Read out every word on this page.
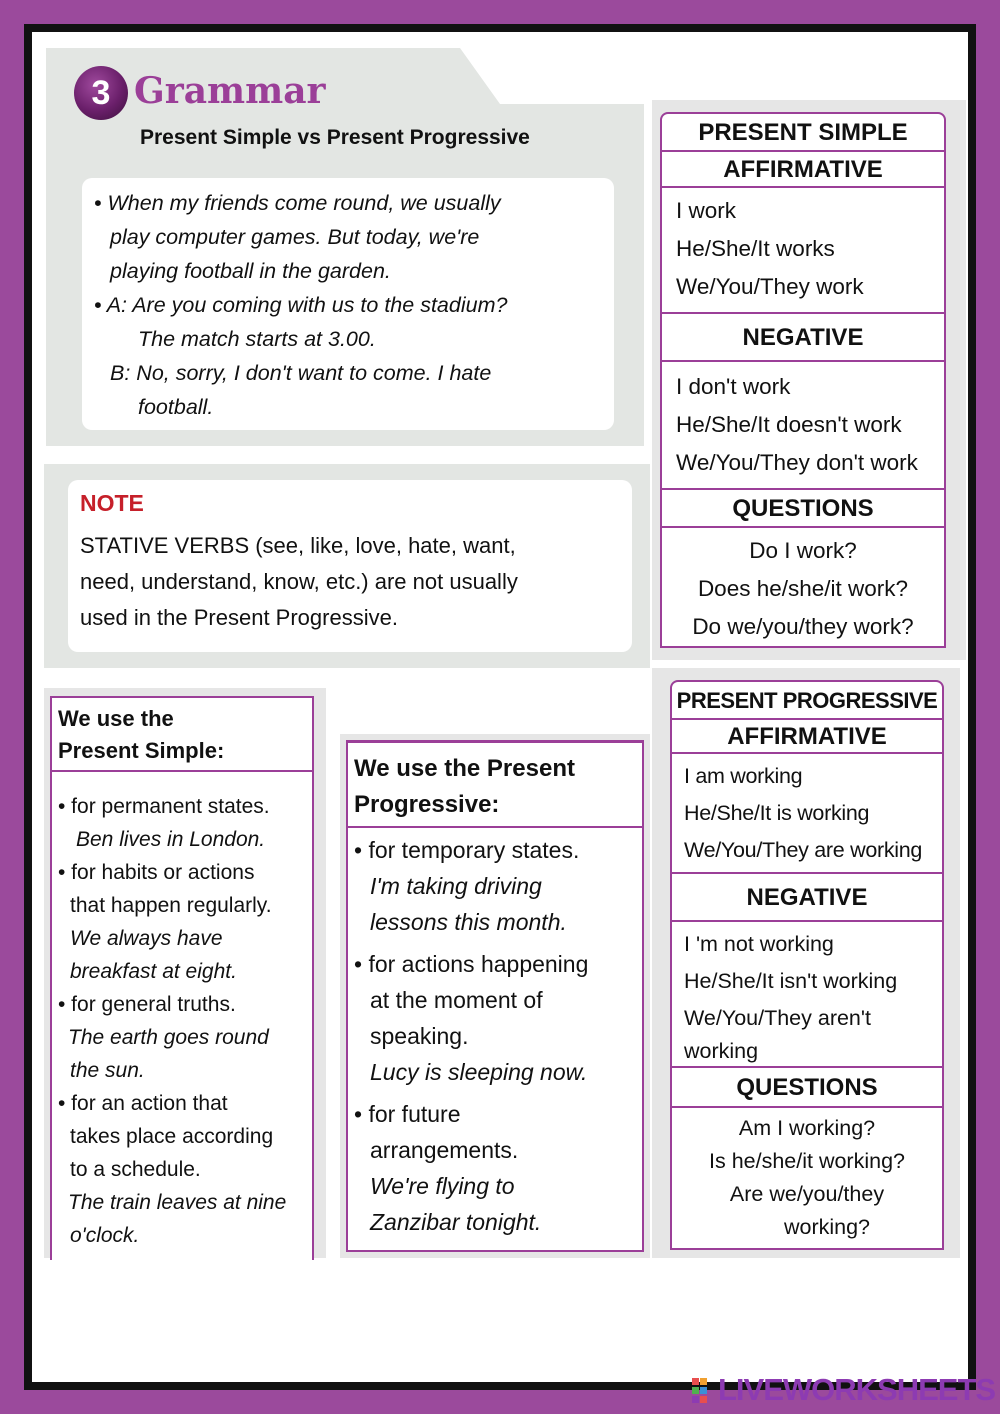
3 Grammar
Present Simple vs Present Progressive
• When my friends come round, we usually
play computer games. But today, we're
playing football in the garden.
• A: Are you coming with us to the stadium?
The match starts at 3.00.
B: No, sorry, I don't want to come. I hate
football.
NOTE
STATIVE VERBS (see, like, love, hate, want,
need, understand, know, etc.) are not usually
used in the Present Progressive.
PRESENT SIMPLE
AFFIRMATIVE
I work
He/She/It works
We/You/They work
NEGATIVE
I don't work
He/She/It doesn't work
We/You/They don't work
QUESTIONS
Do I work?
Does he/she/it work?
Do we/you/they work?
PRESENT PROGRESSIVE
AFFIRMATIVE
I am working
He/She/It is working
We/You/They are working
NEGATIVE
I 'm not working
He/She/It isn't working
We/You/They aren't
working
QUESTIONS
Am I working?
Is he/she/it working?
Are we/you/they
working?
We use the
Present Simple:
• for permanent states.
Ben lives in London.
• for habits or actions
that happen regularly.
We always have
breakfast at eight.
• for general truths.
The earth goes round
the sun.
• for an action that
takes place according
to a schedule.
The train leaves at nine
o'clock.
We use the Present
Progressive:
• for temporary states.
I'm taking driving
lessons this month.
• for actions happening
at the moment of
speaking.
Lucy is sleeping now.
• for future
arrangements.
We're flying to
Zanzibar tonight.
LIVEWORKSHEETS
